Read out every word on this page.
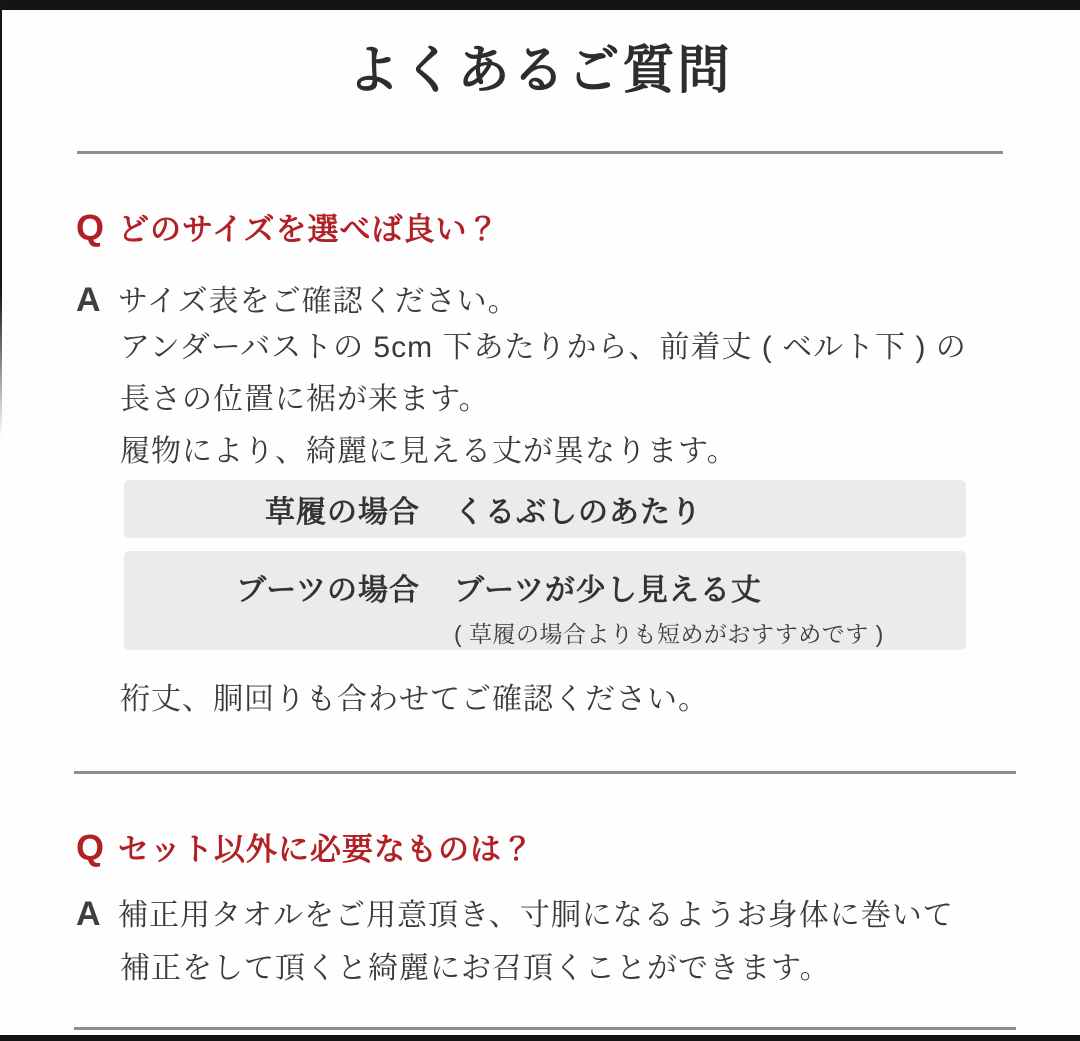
よくあるご質問
Q どのサイズを選べば良い？
A サイズ表をご確認ください。
アンダーバストの 5cm 下あたりから、前着丈 ( ベルト下 ) の
長さの位置に裾が来ます。
履物により、綺麗に見える丈が異なります。
草履の場合 くるぶしのあたり
ブーツの場合 ブーツが少し見える丈
( 草履の場合よりも短めがおすすめです )
裄丈、胴回りも合わせてご確認ください。
Q セット以外に必要なものは？
A 補正用タオルをご用意頂き、寸胴になるようお身体に巻いて
補正をして頂くと綺麗にお召頂くことができます。
